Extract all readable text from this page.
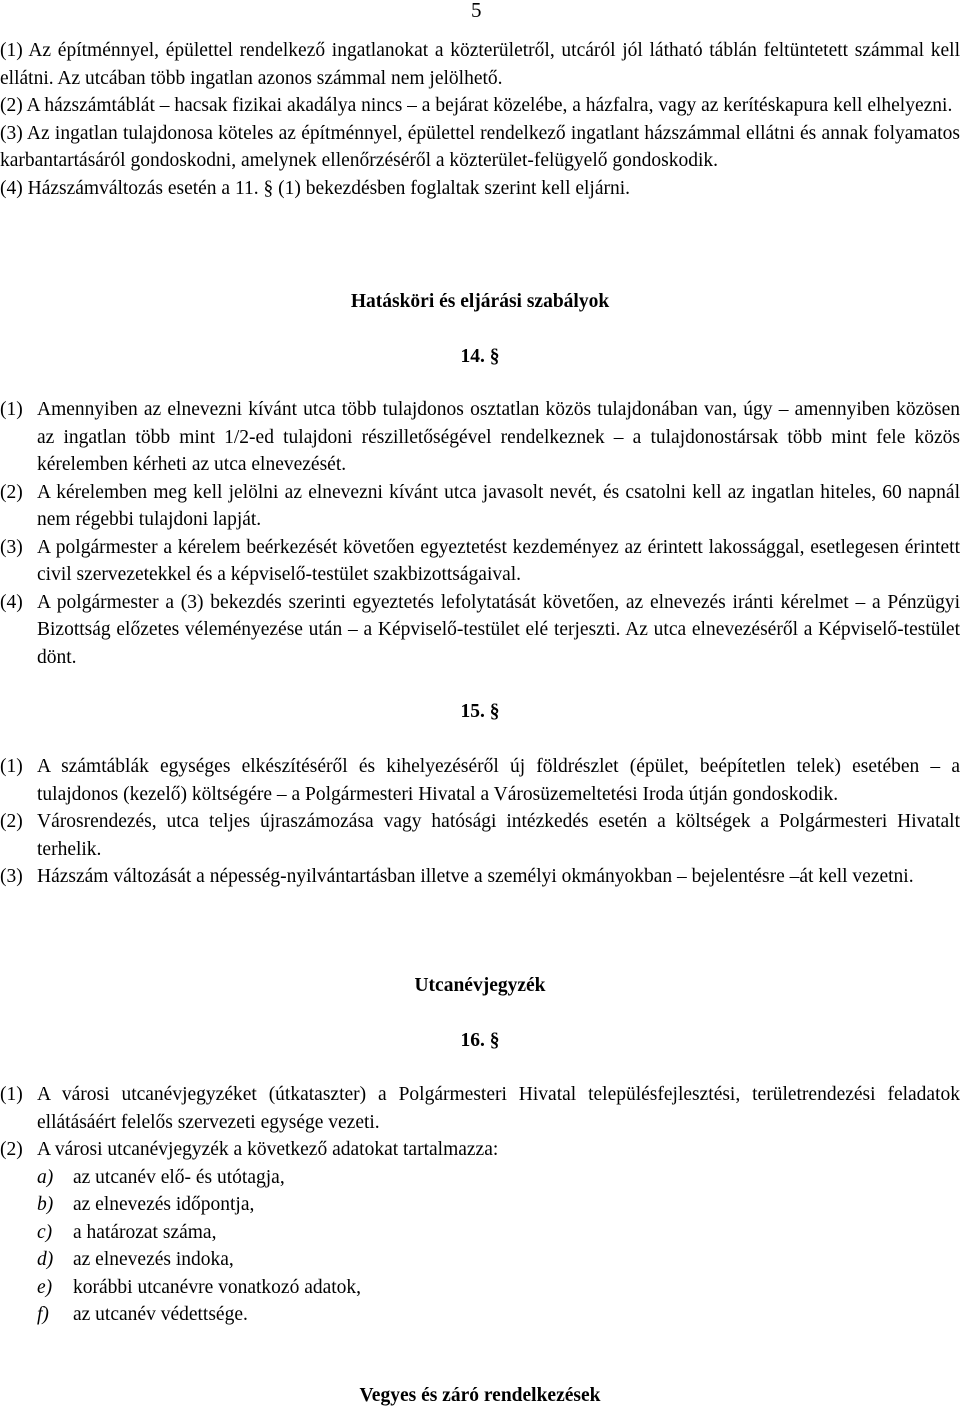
5

(1) Az építménnyel, épülettel rendelkező ingatlanokat a közterületről, utcáról jól látható táblán feltüntetett számmal kell ellátni. Az utcában több ingatlan azonos számmal nem jelölhető.

(2) A házszámtáblát – hacsak fizikai akadálya nincs – a bejárat közelébe, a házfalra, vagy az kerítéskapura kell elhelyezni.

(3) Az ingatlan tulajdonosa köteles az építménnyel, épülettel rendelkező ingatlant házszámmal ellátni és annak folyamatos karbantartásáról gondoskodni, amelynek ellenőrzéséről a közterület-felügyelő gondoskodik.

(4) Házszámváltozás esetén a 11. § (1) bekezdésben foglaltak szerint kell eljárni.

Hatásköri és eljárási szabályok
14. §
(1) Amennyiben az elnevezni kívánt utca több tulajdonos osztatlan közös tulajdonában van, úgy – amennyiben közösen az ingatlan több mint 1/2-ed tulajdoni részilletőségével rendelkeznek – a tulajdonostársak több mint fele közös kérelemben kérheti az utca elnevezését.
(2) A kérelemben meg kell jelölni az elnevezni kívánt utca javasolt nevét, és csatolni kell az ingatlan hiteles, 60 napnál nem régebbi tulajdoni lapját.
(3) A polgármester a kérelem beérkezését követően egyeztetést kezdeményez az érintett lakossággal, esetlegesen érintett civil szervezetekkel és a képviselő-testület szakbizottságaival.
(4) A polgármester a (3) bekezdés szerinti egyeztetés lefolytatását követően, az elnevezés iránti kérelmet – a Pénzügyi Bizottság előzetes véleményezése után – a Képviselő-testület elé terjeszti. Az utca elnevezéséről a Képviselő-testület dönt.
15. §
(1) A számtáblák egységes elkészítéséről és kihelyezéséről új földrészlet (épület, beépítetlen telek) esetében – a tulajdonos (kezelő) költségére – a Polgármesteri Hivatal a Városüzemeltetési Iroda útján gondoskodik.
(2) Városrendezés, utca teljes újraszámozása vagy hatósági intézkedés esetén a költségek a Polgármesteri Hivatalt terhelik.
(3) Házszám változását a népesség-nyilvántartásban illetve a személyi okmányokban – bejelentésre –át kell vezetni.
Utcanévjegyzék
16. §
(1) A városi utcanévjegyzéket (útkataszter) a Polgármesteri Hivatal településfejlesztési, területrendezési feladatok ellátásáért felelős szervezeti egysége vezeti.
(2) A városi utcanévjegyzék a következő adatokat tartalmazza:
a) az utcanév elő- és utótagja,
b) az elnevezés időpontja,
c) a határozat száma,
d) az elnevezés indoka,
e) korábbi utcanévre vonatkozó adatok,
f) az utcanév védettsége.
Vegyes és záró rendelkezések
